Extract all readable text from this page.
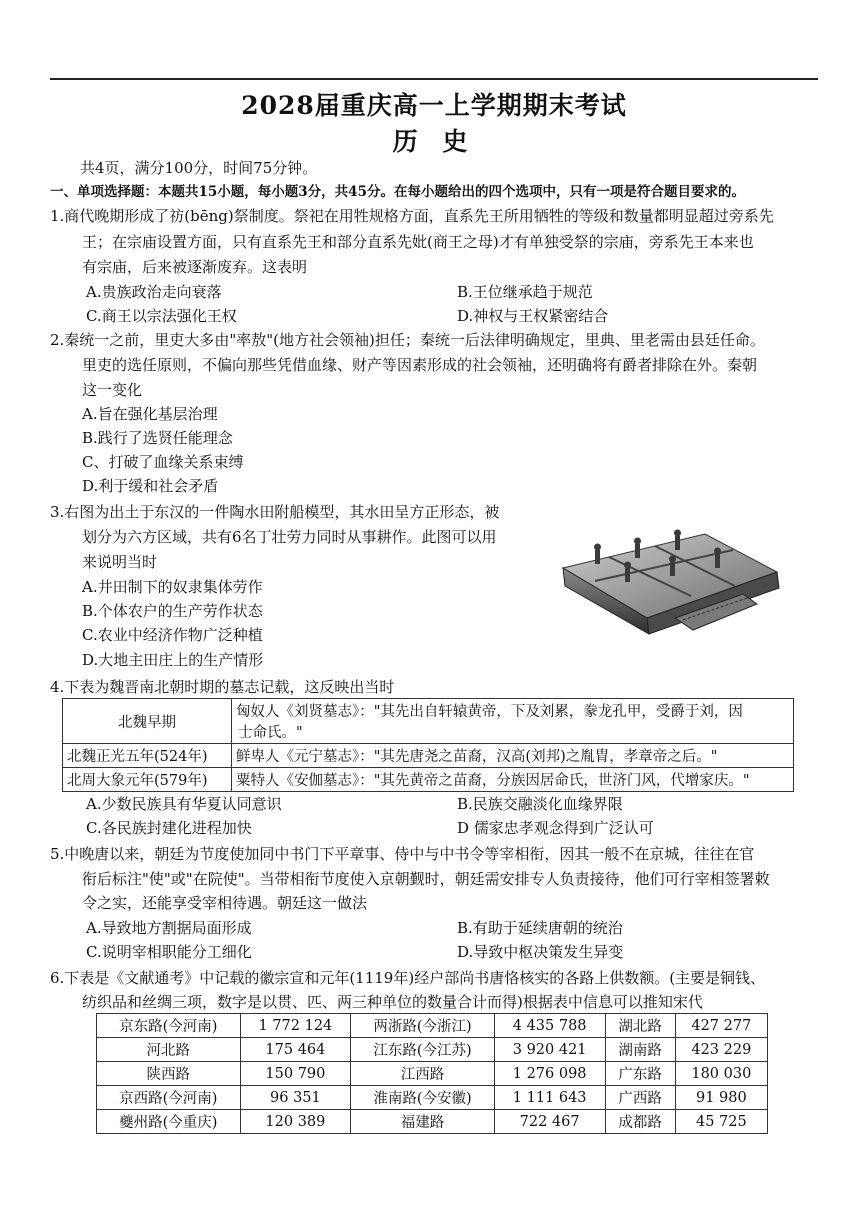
2028届重庆高一上学期期末考试
历 史
共4页，满分100分，时间75分钟。
一、单项选择题：本题共15小题，每小题3分，共45分。在每小题给出的四个选项中，只有一项是符合题目要求的。
1.商代晚期形成了祊(bēng)祭制度。祭祀在用牲规格方面，直系先王所用牺牲的等级和数量都明显超过旁系先
王；在宗庙设置方面，只有直系先王和部分直系先妣(商王之母)才有单独受祭的宗庙，旁系先王本来也
有宗庙，后来被逐渐废弃。这表明
A.贵族政治走向衰落	B.王位继承趋于规范
C.商王以宗法强化王权	D.神权与王权紧密结合
2.秦统一之前，里吏大多由"率敖"(地方社会领袖)担任；秦统一后法律明确规定，里典、里老需由县廷任命。
里吏的选任原则，不偏向那些凭借血缘、财产等因素形成的社会领袖，还明确将有爵者排除在外。秦朝
这一变化
A.旨在强化基层治理
B.践行了选贤任能理念
C、打破了血缘关系束缚
D.利于缓和社会矛盾
3.右图为出土于东汉的一件陶水田附船模型，其水田呈方正形态，被
划分为六方区域，共有6名丁壮劳力同时从事耕作。此图可以用
来说明当时
A.井田制下的奴隶集体劳作
B.个体农户的生产劳作状态
C.农业中经济作物广泛种植
D.大地主田庄上的生产情形
4.下表为魏晋南北朝时期的墓志记载，这反映出当时
北魏早期	匈奴人《刘贤墓志》："其先出自轩辕黄帝，下及刘累，豢龙孔甲，受爵于刘，因
士命氏。"

北魏正光五年(524年)	鲜卑人《元宁墓志》："其先唐尧之苗裔，汉高(刘邦)之胤胄，孝章帝之后。"
北周大象元年(579年)	粟特人《安伽墓志》："其先黄帝之苗裔，分族因居命氏，世济门风，代增家庆。"
A.少数民族具有华夏认同意识	B.民族交融淡化血缘界限
C.各民族封建化进程加快	D 儒家忠孝观念得到广泛认可
5.中晚唐以来，朝廷为节度使加同中书门下平章事、侍中与中书令等宰相衔，因其一般不在京城，往往在官
衔后标注"使"或"在院使"。当带相衔节度使入京朝觐时，朝廷需安排专人负责接待，他们可行宰相签署敕
令之实，还能享受宰相待遇。朝廷这一做法
A.导致地方割据局面形成	B.有助于延续唐朝的统治
C.说明宰相职能分工细化	D.导致中枢决策发生异变
6.下表是《文献通考》中记载的徽宗宣和元年(1119年)经户部尚书唐恪核实的各路上供数额。(主要是铜钱、
纺织品和丝绸三项，数字是以贯、匹、两三种单位的数量合计而得)根据表中信息可以推知宋代
京东路(今河南)	1 772 124	两浙路(今浙江)	4 435 788	湖北路	427 277
河北路	175 464	江东路(今江苏)	3 920 421	湖南路	423 229
陕西路	150 790	江西路	1 276 098	广东路	180 030
京西路(今河南)	96 351	淮南路(今安徽)	1 111 643	广西路	91 980
夔州路(今重庆)	120 389	福建路	722 467	成都路	45 725
